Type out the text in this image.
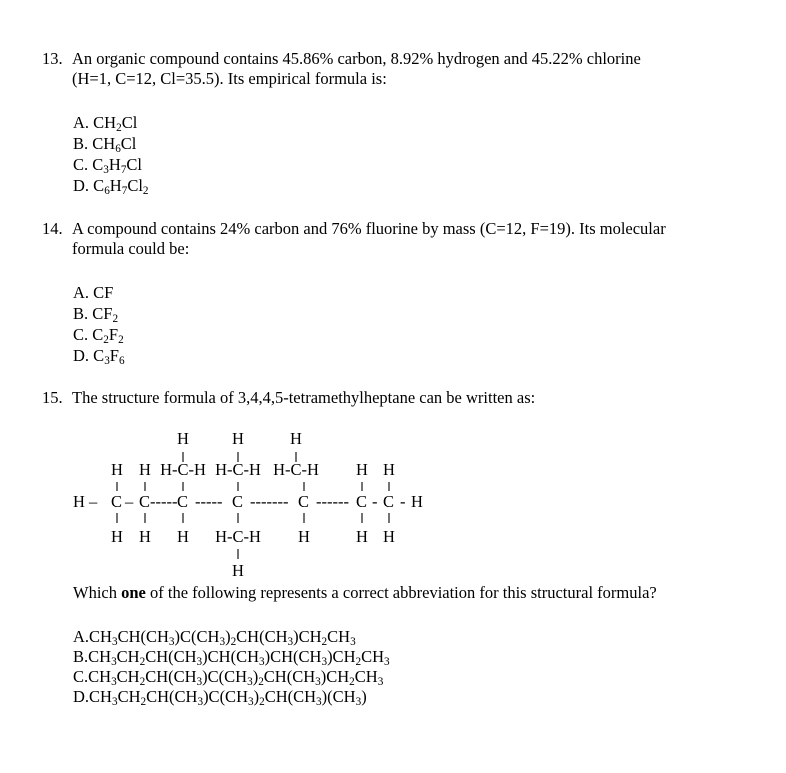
13. An organic compound contains 45.86% carbon, 8.92% hydrogen and 45.22% chlorine
(H=1, C=12, Cl=35.5). Its empirical formula is:
A. $CH_2Cl$
B. $CH_6Cl$
C. $C_3H_7Cl$
D. $C_6H_7Cl_2$
14. A compound contains 24% carbon and 76% fluorine by mass (C=12, F=19). Its molecular
formula could be:
A. CF
B. $CF_2$
C. $C_2F_2$
D. $C_3F_6$
15. The structure formula of 3,4,4,5-tetramethylheptane can be written as:
H	H	H
H H H-C-H H-C-H H-C-H H H
H – C – C----- C ----- C ------- C ------ C - C - H
H H H H-C-H H	H H
H
Which one of the following represents a correct abbreviation for this structural formula?
$A.CH_3CH(CH_3)C(CH_3)_2CH(CH_3)CH_2CH_3$
$B.CH_3CH_2CH(CH_3)CH(CH_3)CH(CH_3)CH_2CH_3$
$C.CH_3CH_2CH(CH_3)C(CH_3)_2CH(CH_3)CH_2CH_3$
$D.CH_3CH_2CH(CH_3)C(CH_3)_2CH(CH_3)(CH_3)$
